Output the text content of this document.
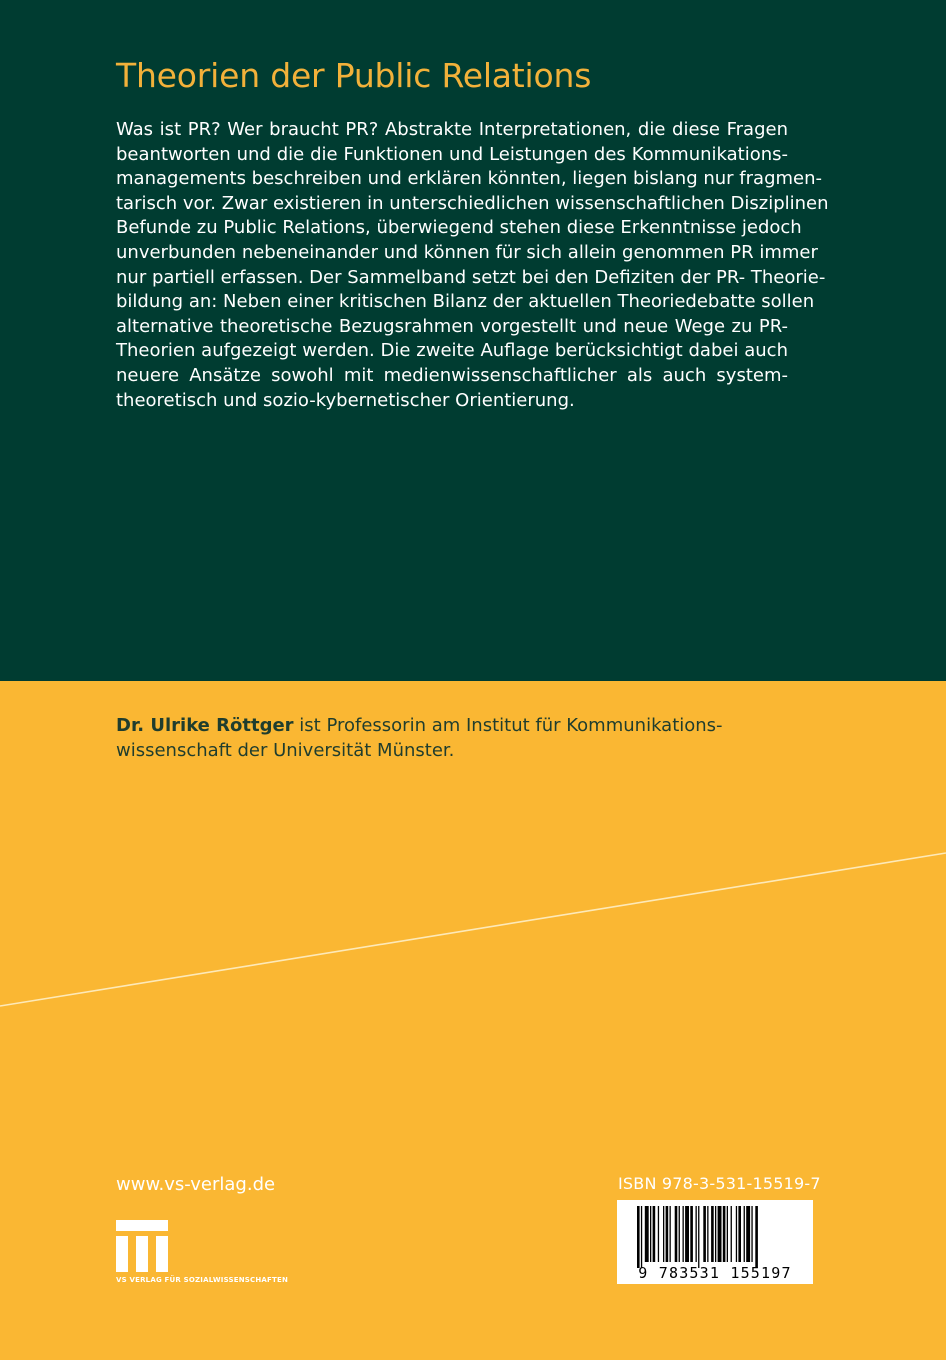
Theorien der Public Relations
Was ist PR? Wer braucht PR? Abstrakte Interpretationen, die diese Fragen
beantworten und die die Funktionen und Leistungen des Kommunikations-
managements beschreiben und erklären könnten, liegen bislang nur fragmen-
tarisch vor. Zwar existieren in unterschiedlichen wissenschaftlichen Disziplinen
Befunde zu Public Relations, überwiegend stehen diese Erkenntnisse jedoch
unverbunden nebeneinander und können für sich allein genommen PR immer
nur partiell erfassen. Der Sammelband setzt bei den Defiziten der PR- Theorie-
bildung an: Neben einer kritischen Bilanz der aktuellen Theoriedebatte sollen
alternative theoretische Bezugsrahmen vorgestellt und neue Wege zu PR-
Theorien aufgezeigt werden. Die zweite Auflage berücksichtigt dabei auch
neuere Ansätze sowohl mit medienwissenschaftlicher als auch system-
theoretisch und sozio-kybernetischer Orientierung.
Dr. Ulrike Röttger ist Professorin am Institut für Kommunikations-
wissenschaft der Universität Münster.
www.vs-verlag.de
VS VERLAG FÜR SOZIALWISSENSCHAFTEN
ISBN 978-3-531-15519-7
9 783531 155197
